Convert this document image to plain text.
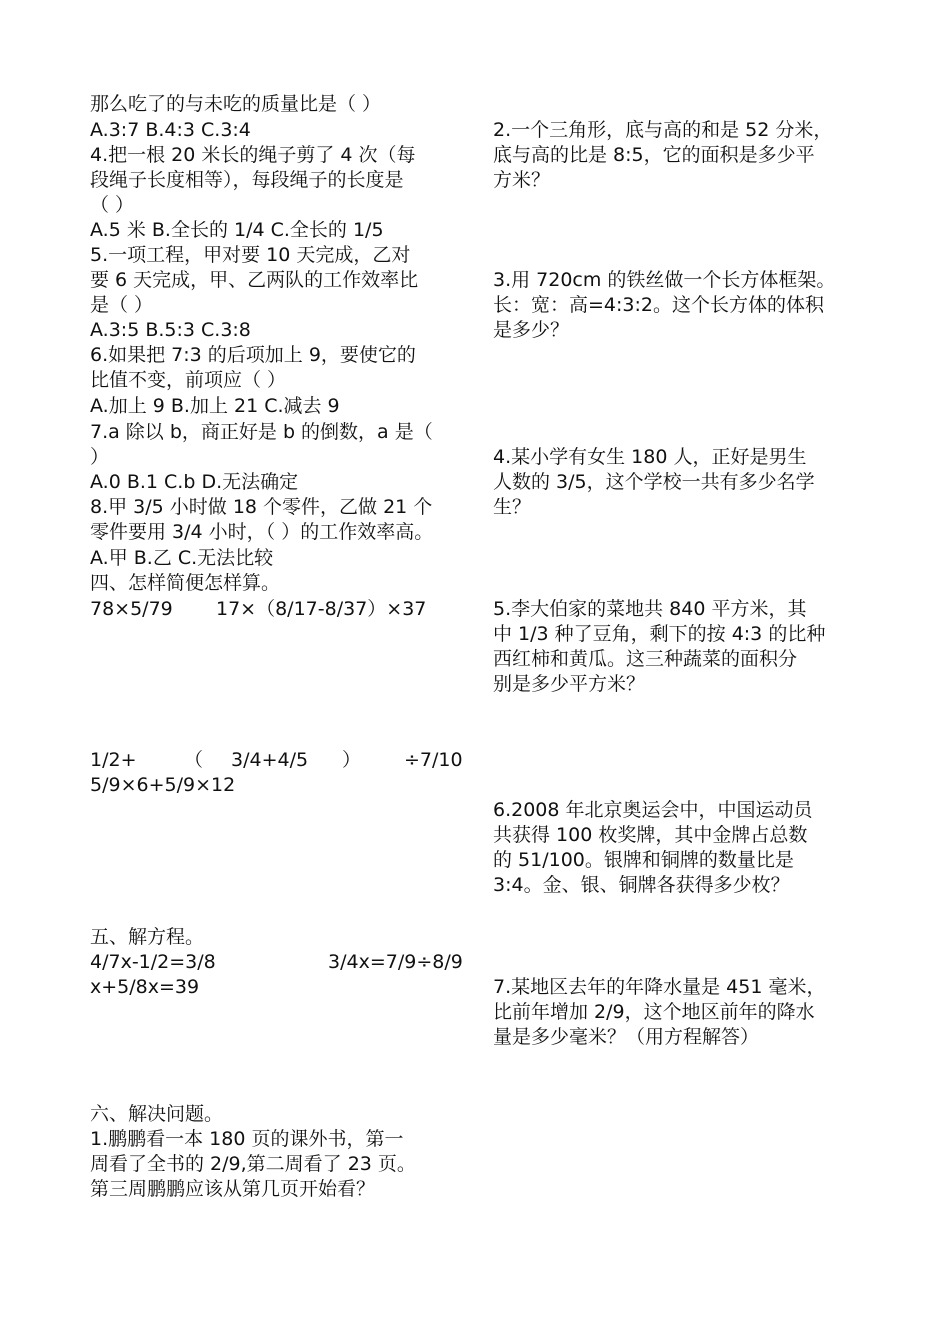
那么吃了的与未吃的质量比是（ ）
A.3:7 B.4:3 C.3:4
4.把一根 20 米长的绳子剪了 4 次（每
段绳子长度相等），每段绳子的长度是
（ ）
A.5 米 B.全长的 1/4 C.全长的 1/5
5.一项工程，甲对要 10 天完成，乙对
要 6 天完成，甲、乙两队的工作效率比
是（ ）
A.3:5 B.5:3 C.3:8
6.如果把 7:3 的后项加上 9，要使它的
比值不变，前项应（ ）
A.加上 9 B.加上 21 C.减去 9
7.a 除以 b，商正好是 b 的倒数，a 是（
）
A.0 B.1 C.b D.无法确定
8.甲 3/5 小时做 18 个零件，乙做 21 个
零件要用 3/4 小时，（ ）的工作效率高。
A.甲 B.乙 C.无法比较
四、怎样简便怎样算。
78×5/79 17×（8/17-8/37）×37
1/2+	（ 3/4+4/5 ） ÷7/10
5/9×6+5/9×12
五、解方程。
4/7x-1/2=3/8	3/4x=7/9÷8/9
x+5/8x=39
六、解决问题。
1.鹏鹏看一本 180 页的课外书，第一
周看了全书的 2/9,第二周看了 23 页。
第三周鹏鹏应该从第几页开始看？
2.一个三角形，底与高的和是 52 分米，
底与高的比是 8:5，它的面积是多少平
方米？
3.用 720cm 的铁丝做一个长方体框架。
长：宽：高=4:3:2。这个长方体的体积
是多少？
4.某小学有女生 180 人，正好是男生
人数的 3/5，这个学校一共有多少名学
生？
5.李大伯家的菜地共 840 平方米，其
中 1/3 种了豆角，剩下的按 4:3 的比种
西红柿和黄瓜。这三种蔬菜的面积分
别是多少平方米？
6.2008 年北京奥运会中，中国运动员
共获得 100 枚奖牌，其中金牌占总数
的 51/100。银牌和铜牌的数量比是
3:4。金、银、铜牌各获得多少枚？
7.某地区去年的年降水量是 451 毫米，
比前年增加 2/9，这个地区前年的降水
量是多少毫米？（用方程解答）
